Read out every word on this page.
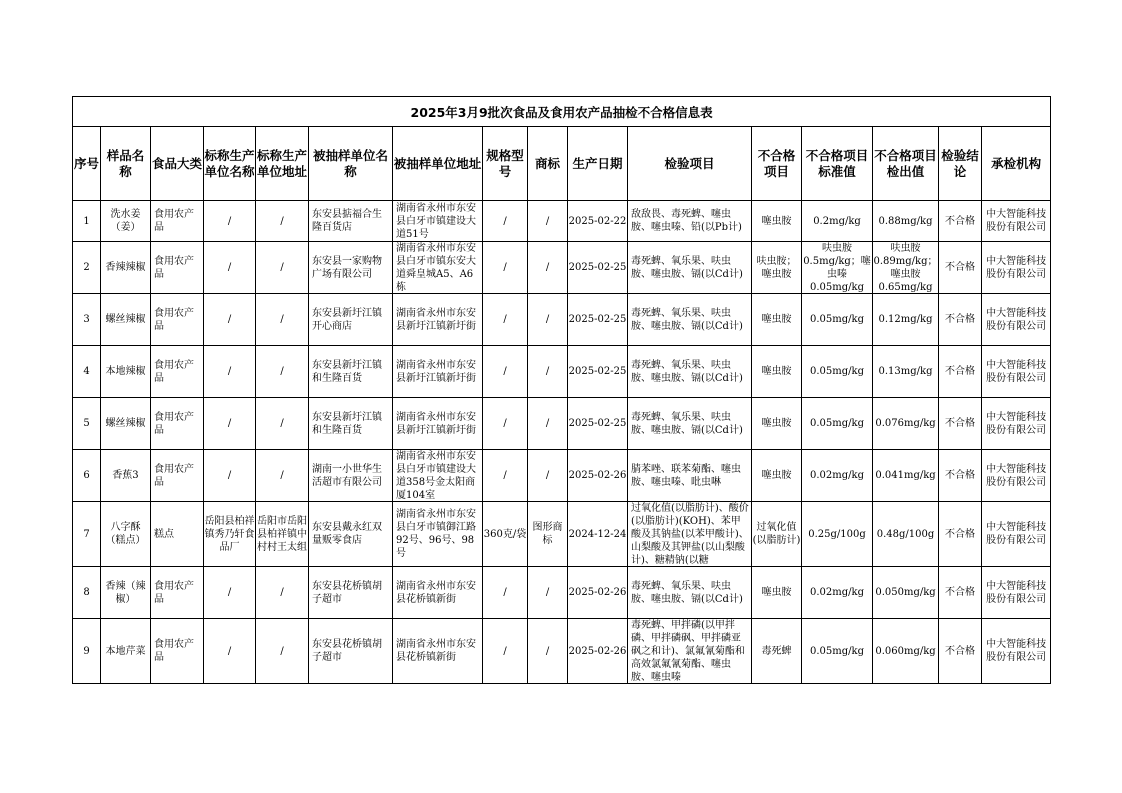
2025年3月9批次食品及食用农产品抽检不合格信息表															
序号	样品名称	食品大类	标称生产单位名称	标称生产单位地址	被抽样单位名称	被抽样单位地址	规格型号	商标	生产日期	检验项目	不合格项目	不合格项目标准值	不合格项目检出值	检验结论	承检机构

1	洗水姜（姜）	食用农产品	/	/	东安县掂福合生隆百货店	湖南省永州市东安县白牙市镇建设大道51号	/	/	2025-02-22	敌敌畏、毒死蜱、噻虫胺、噻虫嗪、铅(以Pb计)	噻虫胺	0.2mg/kg	0.88mg/kg	不合格	中大智能科技股份有限公司

2	香辣辣椒	食用农产品	/	/	东安县一家购物广场有限公司	湖南省永州市东安县白牙市镇东安大道舜皇城A5、A6栋	/	/	2025-02-25	毒死蜱、氧乐果、呋虫胺、噻虫胺、镉(以Cd计)	呋虫胺；噻虫胺	呋虫胺0.5mg/kg；噻虫嗪0.05mg/kg	呋虫胺0.89mg/kg；噻虫胺0.65mg/kg	不合格	中大智能科技股份有限公司

3	螺丝辣椒	食用农产品	/	/	东安县新圩江镇开心商店	湖南省永州市东安县新圩江镇新圩街	/	/	2025-02-25	毒死蜱、氧乐果、呋虫胺、噻虫胺、镉(以Cd计)	噻虫胺	0.05mg/kg	0.12mg/kg	不合格	中大智能科技股份有限公司

4	本地辣椒	食用农产品	/	/	东安县新圩江镇和生隆百货	湖南省永州市东安县新圩江镇新圩街	/	/	2025-02-25	毒死蜱、氧乐果、呋虫胺、噻虫胺、镉(以Cd计)	噻虫胺	0.05mg/kg	0.13mg/kg	不合格	中大智能科技股份有限公司

5	螺丝辣椒	食用农产品	/	/	东安县新圩江镇和生隆百货	湖南省永州市东安县新圩江镇新圩街	/	/	2025-02-25	毒死蜱、氧乐果、呋虫胺、噻虫胺、镉(以Cd计)	噻虫胺	0.05mg/kg	0.076mg/kg	不合格	中大智能科技股份有限公司

6	香蕉3	食用农产品	/	/	湖南一小世华生活超市有限公司	湖南省永州市东安县白牙市镇建设大道358号金太阳商厦104室	/	/	2025-02-26	腈苯唑、联苯菊酯、噻虫胺、噻虫嗪、吡虫啉	噻虫胺	0.02mg/kg	0.041mg/kg	不合格	中大智能科技股份有限公司

7	八字酥（糕点）	糕点	岳阳县柏祥镇秀乃轩食品厂	岳阳市岳阳县柏祥镇中村村王太组	东安县戴永红双量贩零食店	湖南省永州市东安县白牙市镇御江路92号、96号、98号	360克/袋	图形商标	2024-12-24	过氧化值(以脂肪计)、酸价(以脂肪计)(KOH)、苯甲酸及其钠盐(以苯甲酸计)、山梨酸及其钾盐(以山梨酸计)、糖精钠(以糖	过氧化值(以脂肪计)	0.25g/100g	0.48g/100g	不合格	中大智能科技股份有限公司

8	香辣（辣椒）	食用农产品	/	/	东安县花桥镇胡子超市	湖南省永州市东安县花桥镇新街	/	/	2025-02-26	毒死蜱、氧乐果、呋虫胺、噻虫胺、镉(以Cd计)	噻虫胺	0.02mg/kg	0.050mg/kg	不合格	中大智能科技股份有限公司

9	本地芹菜	食用农产品	/	/	东安县花桥镇胡子超市	湖南省永州市东安县花桥镇新街	/	/	2025-02-26	毒死蜱、甲拌磷(以甲拌磷、甲拌磷砜、甲拌磷亚砜之和计)、氯氟氰菊酯和高效氯氟氰菊酯、噻虫胺、噻虫嗪	毒死蜱	0.05mg/kg	0.060mg/kg	不合格	中大智能科技股份有限公司
